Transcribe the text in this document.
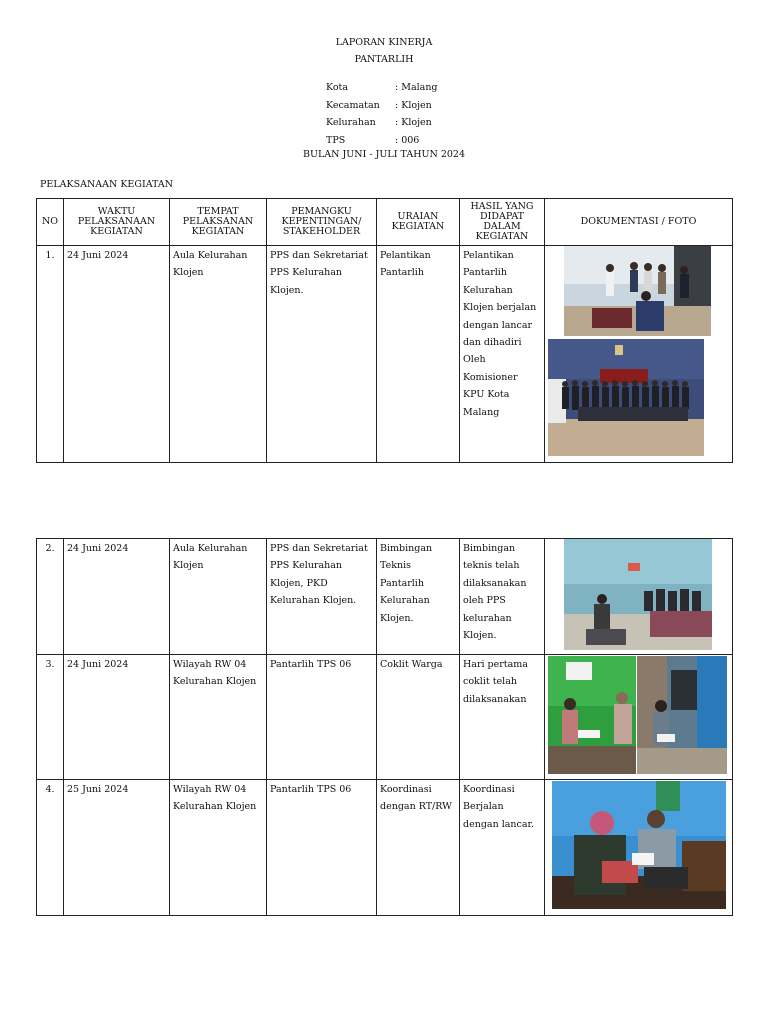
LAPORAN KINERJA
PANTARLIH
Kota	: Malang
Kecamatan	: Klojen
Kelurahan	: Klojen
TPS	: 006
BULAN JUNI - JULI TAHUN 2024
PELAKSANAAN KEGIATAN
NO	WAKTU PELAKSANAAN KEGIATAN	TEMPAT PELAKSANAN KEGIATAN	PEMANGKU KEPENTINGAN/ STAKEHOLDER	URAIAN KEGIATAN	HASIL YANG DIDAPAT DALAM KEGIATAN	DOKUMENTASI / FOTO
1.	24 Juni 2024	Aula Kelurahan Klojen	PPS dan Sekretariat PPS Kelurahan Klojen.	Pelantikan Pantarlih	Pelantikan Pantarlih Kelurahan Klojen berjalan dengan lancar dan dihadiri Oleh Komisioner KPU Kota Malang	
2.	24 Juni 2024	Aula Kelurahan Klojen	PPS dan Sekretariat PPS Kelurahan Klojen, PKD Kelurahan Klojen.	Bimbingan Teknis Pantarlih Kelurahan Klojen.	Bimbingan teknis telah dilaksanakan oleh PPS kelurahan Klojen.	

3.	24 Juni 2024	Wilayah RW 04 Kelurahan Klojen	Pantarlih TPS 06	Coklit Warga	Hari pertama coklit telah dilaksanakan	

4.	25 Juni 2024	Wilayah RW 04 Kelurahan Klojen	Pantarlih TPS 06	Koordinasi dengan RT/RW	Koordinasi Berjalan dengan lancar.	
